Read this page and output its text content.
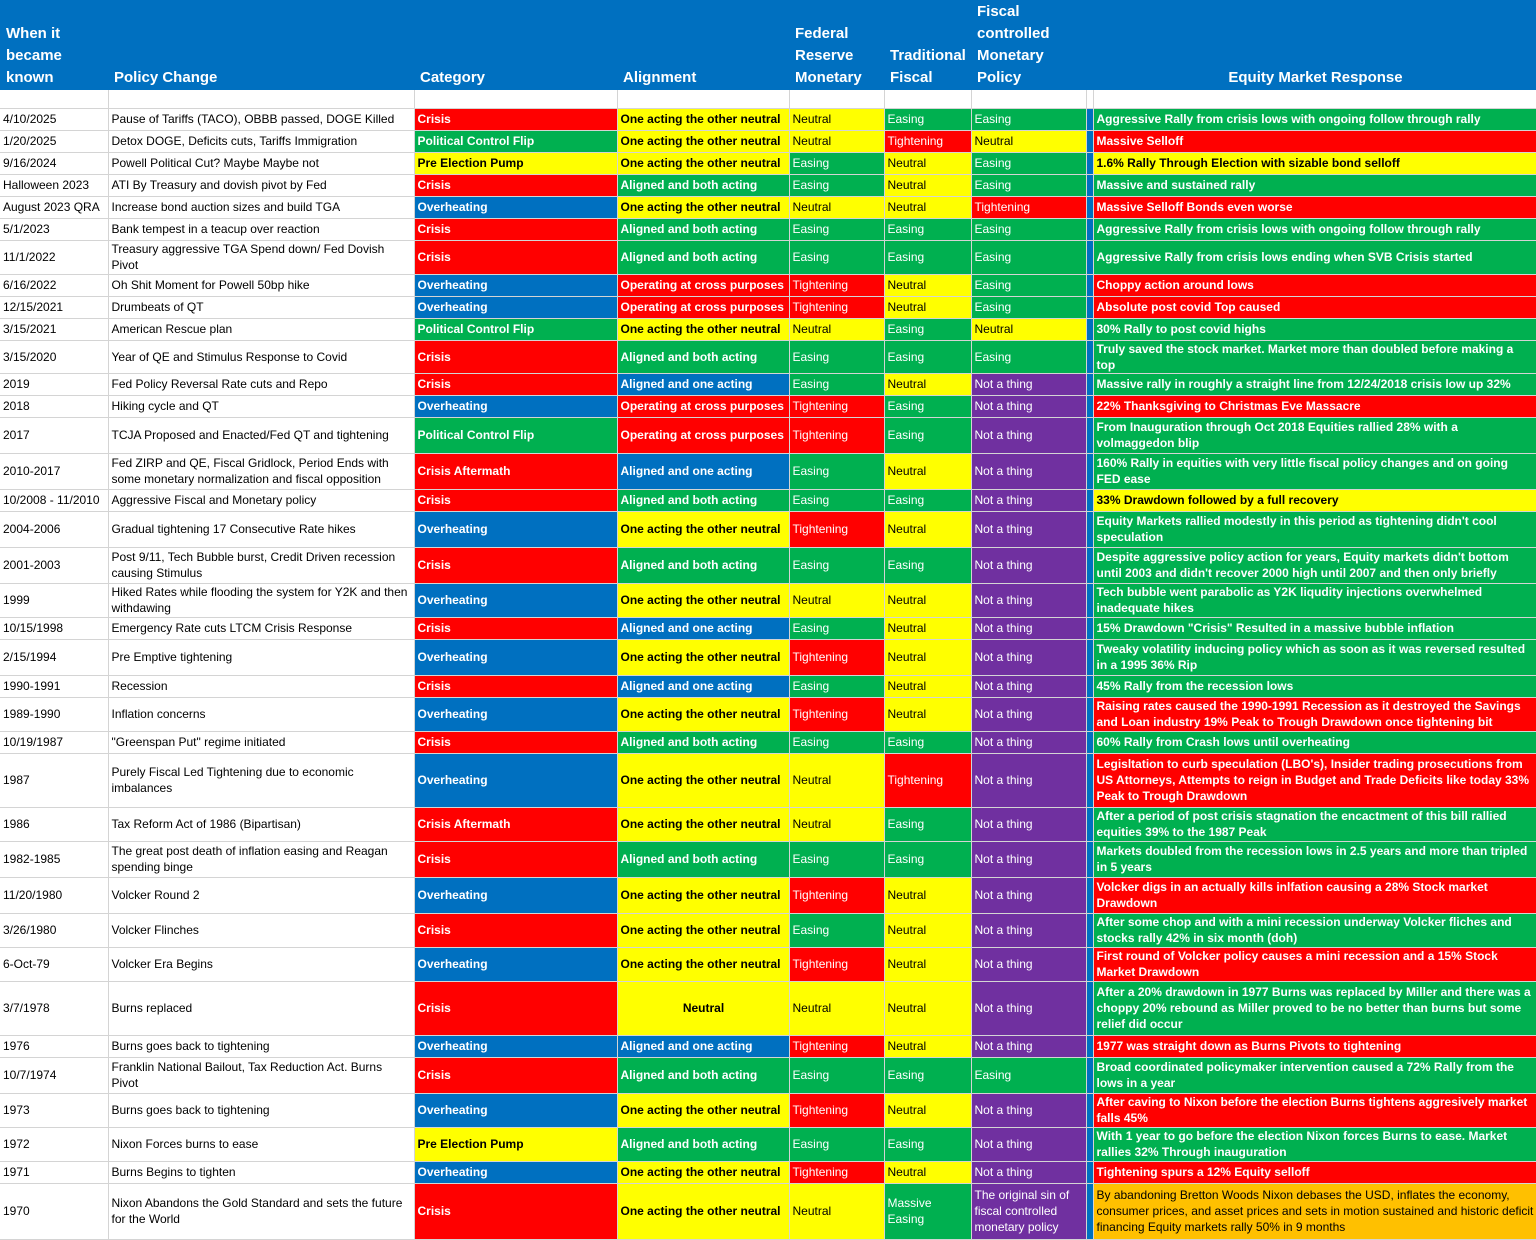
When it became known	Policy Change	Category	Alignment	Federal Reserve Monetary	Traditional Fiscal	Fiscal controlled Monetary Policy		Equity Market Response

4/10/2025	Pause of Tariffs (TACO), OBBB passed, DOGE Killed	Crisis	One acting the other neutral	Neutral	Easing	Easing		Aggressive Rally from crisis lows with ongoing follow through rally
1/20/2025	Detox DOGE, Deficits cuts, Tariffs Immigration	Political Control Flip	One acting the other neutral	Neutral	Tightening	Neutral		Massive Selloff
9/16/2024	Powell Political Cut? Maybe Maybe not	Pre Election Pump	One acting the other neutral	Easing	Neutral	Easing		1.6% Rally Through Election with sizable bond selloff
Halloween 2023	ATI By Treasury and dovish pivot by Fed	Crisis	Aligned and both acting	Easing	Neutral	Easing		Massive and sustained rally
August 2023 QRA	Increase bond auction sizes and build TGA	Overheating	One acting the other neutral	Neutral	Neutral	Tightening		Massive Selloff Bonds even worse
5/1/2023	Bank tempest in a teacup over reaction	Crisis	Aligned and both acting	Easing	Easing	Easing		Aggressive Rally from crisis lows with ongoing follow through rally
11/1/2022	Treasury aggressive TGA Spend down/ Fed Dovish Pivot	Crisis	Aligned and both acting	Easing	Easing	Easing		Aggressive Rally from crisis lows ending when SVB Crisis started
6/16/2022	Oh Shit Moment for Powell 50bp hike	Overheating	Operating at cross purposes	Tightening	Neutral	Easing		Choppy action around lows
12/15/2021	Drumbeats of QT	Overheating	Operating at cross purposes	Tightening	Neutral	Easing		Absolute post covid Top caused
3/15/2021	American Rescue plan	Political Control Flip	One acting the other neutral	Neutral	Easing	Neutral		30% Rally to post covid highs
3/15/2020	Year of QE and Stimulus Response to Covid	Crisis	Aligned and both acting	Easing	Easing	Easing		Truly saved the stock market. Market more than doubled before making a top
2019	Fed Policy Reversal Rate cuts and Repo	Crisis	Aligned and one acting	Easing	Neutral	Not a thing		Massive rally in roughly a straight line from 12/24/2018 crisis low up 32%
2018	Hiking cycle and QT	Overheating	Operating at cross purposes	Tightening	Easing	Not a thing		22% Thanksgiving to Christmas Eve Massacre
2017	TCJA Proposed and Enacted/Fed QT and tightening	Political Control Flip	Operating at cross purposes	Tightening	Easing	Not a thing		From Inauguration through Oct 2018 Equities rallied 28% with a volmaggedon blip
2010-2017	Fed ZIRP and QE, Fiscal Gridlock, Period Ends with some monetary normalization and fiscal opposition	Crisis Aftermath	Aligned and one acting	Easing	Neutral	Not a thing		160% Rally in equities with very little fiscal policy changes and on going FED ease
10/2008 - 11/2010	Aggressive Fiscal and Monetary policy	Crisis	Aligned and both acting	Easing	Easing	Not a thing		33% Drawdown followed by a full recovery
2004-2006	Gradual tightening 17 Consecutive Rate hikes	Overheating	One acting the other neutral	Tightening	Neutral	Not a thing		Equity Markets rallied modestly in this period as tightening didn't cool speculation
2001-2003	Post 9/11, Tech Bubble burst, Credit Driven recession causing Stimulus	Crisis	Aligned and both acting	Easing	Easing	Not a thing		Despite aggressive policy action for years, Equity markets didn't bottom until 2003 and didn't recover 2000 high until 2007 and then only briefly
1999	Hiked Rates while flooding the system for Y2K and then withdawing	Overheating	One acting the other neutral	Neutral	Neutral	Not a thing		Tech bubble went parabolic as Y2K liqudity injections overwhelmed inadequate hikes
10/15/1998	Emergency Rate cuts LTCM Crisis Response	Crisis	Aligned and one acting	Easing	Neutral	Not a thing		15% Drawdown "Crisis" Resulted in a massive bubble inflation
2/15/1994	Pre Emptive tightening	Overheating	One acting the other neutral	Tightening	Neutral	Not a thing		Tweaky volatility inducing policy which as soon as it was reversed resulted in a 1995 36% Rip
1990-1991	Recession	Crisis	Aligned and one acting	Easing	Neutral	Not a thing		45% Rally from the recession lows
1989-1990	Inflation concerns	Overheating	One acting the other neutral	Tightening	Neutral	Not a thing		Raising rates caused the 1990-1991 Recession as it destroyed the Savings and Loan industry 19% Peak to Trough Drawdown once tightening bit
10/19/1987	"Greenspan Put" regime initiated	Crisis	Aligned and both acting	Easing	Easing	Not a thing		60% Rally from Crash lows until overheating
1987	Purely Fiscal Led Tightening due to economic imbalances	Overheating	One acting the other neutral	Neutral	Tightening	Not a thing		Legisltation to curb speculation (LBO's), Insider trading prosecutions from US Attorneys, Attempts to reign in Budget and Trade Deficits like today 33% Peak to Trough Drawdown
1986	Tax Reform Act of 1986 (Bipartisan)	Crisis Aftermath	One acting the other neutral	Neutral	Easing	Not a thing		After a period of post crisis stagnation the encactment of this bill rallied equities 39% to the 1987 Peak
1982-1985	The great post death of inflation easing and Reagan spending binge	Crisis	Aligned and both acting	Easing	Easing	Not a thing		Markets doubled from the recession lows in 2.5 years and more than tripled in 5 years
11/20/1980	Volcker Round 2	Overheating	One acting the other neutral	Tightening	Neutral	Not a thing		Volcker digs in an actually kills inlfation causing a 28% Stock market Drawdown
3/26/1980	Volcker Flinches	Crisis	One acting the other neutral	Easing	Neutral	Not a thing		After some chop and with a mini recession underway Volcker fliches and stocks rally 42% in six month (doh)
6-Oct-79	Volcker Era Begins	Overheating	One acting the other neutral	Tightening	Neutral	Not a thing		First round of Volcker policy causes a mini recession and a 15% Stock Market Drawdown
3/7/1978	Burns replaced	Crisis	Neutral	Neutral	Neutral	Not a thing		After a 20% drawdown in 1977 Burns was replaced by Miller and there was a choppy 20% rebound as Miller proved to be no better than burns but some relief did occur
1976	Burns goes back to tightening	Overheating	Aligned and one acting	Tightening	Neutral	Not a thing		1977 was straight down as Burns Pivots to tightening
10/7/1974	Franklin National Bailout, Tax Reduction Act. Burns Pivot	Crisis	Aligned and both acting	Easing	Easing	Easing		Broad coordinated policymaker intervention caused a 72% Rally from the lows in a year
1973	Burns goes back to tightening	Overheating	One acting the other neutral	Tightening	Neutral	Not a thing		After caving to Nixon before the election Burns tightens aggresively market falls 45%
1972	Nixon Forces burns to ease	Pre Election Pump	Aligned and both acting	Easing	Easing	Not a thing		With 1 year to go before the election Nixon forces Burns to ease. Market rallies 32% Through inauguration
1971	Burns Begins to tighten	Overheating	One acting the other neutral	Tightening	Neutral	Not a thing		Tightening spurs a 12% Equity selloff
1970	Nixon Abandons the Gold Standard and sets the future for the World	Crisis	One acting the other neutral	Neutral	Massive Easing	The original sin of fiscal controlled monetary policy		By abandoning Bretton Woods Nixon debases the USD, inflates the economy, consumer prices, and asset prices and sets in motion sustained and historic deficit financing Equity markets rally 50% in 9 months
